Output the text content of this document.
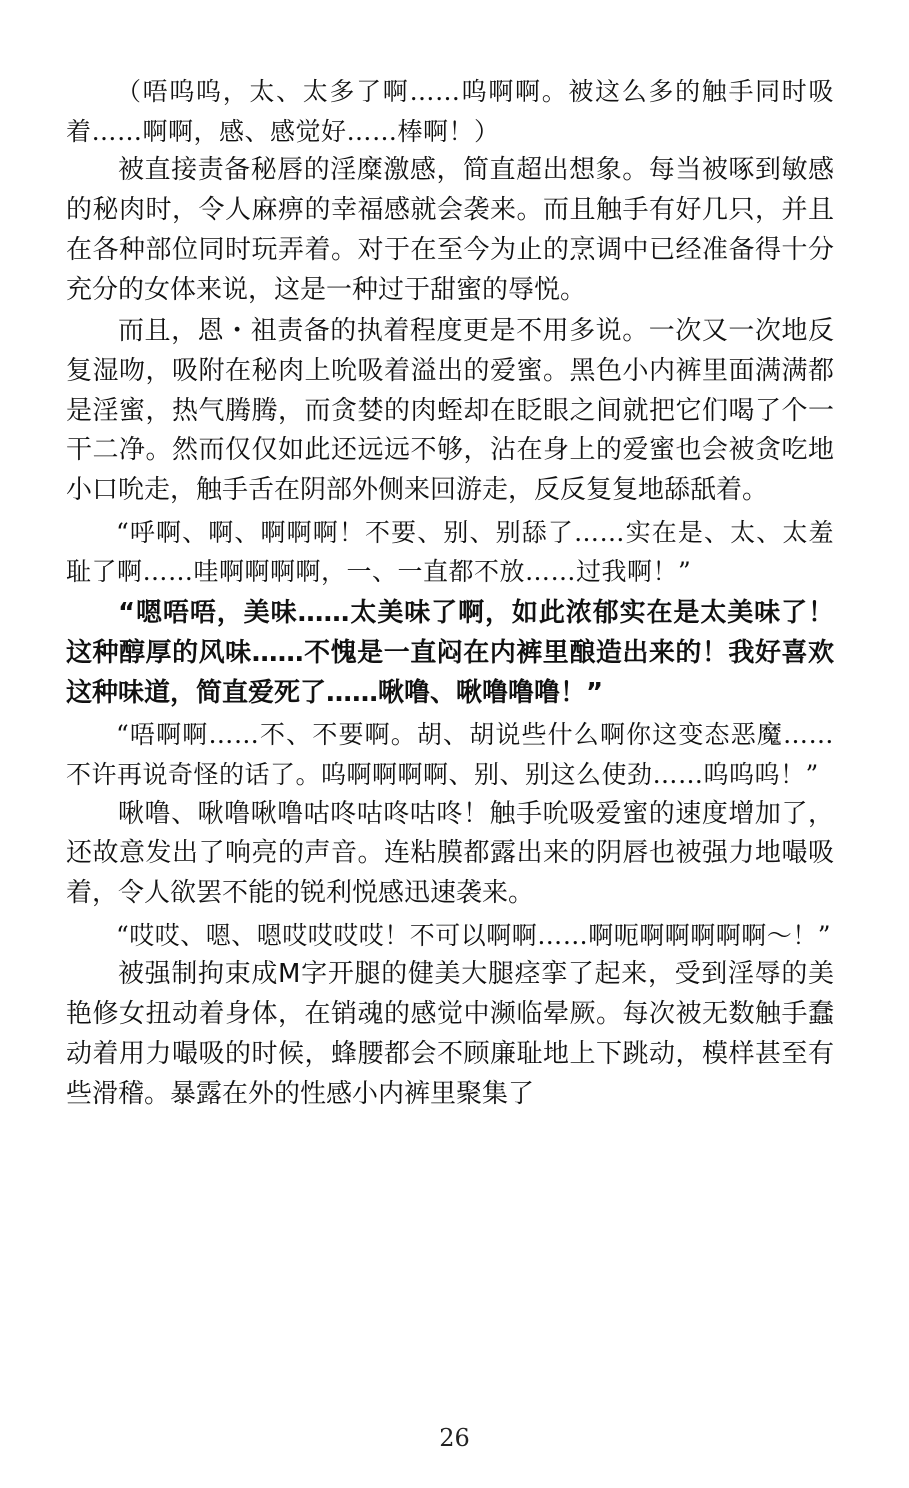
（唔呜呜，太、太多了啊……呜啊啊。被这么多的触手同时吸着……啊啊，感、感觉好……棒啊！）

被直接责备秘唇的淫糜激感，简直超出想象。每当被啄到敏感的秘肉时，令人麻痹的幸福感就会袭来。而且触手有好几只，并且在各种部位同时玩弄着。对于在至今为止的烹调中已经准备得十分充分的女体来说，这是一种过于甜蜜的辱悦。

而且，恩・祖责备的执着程度更是不用多说。一次又一次地反复湿吻，吸附在秘肉上吮吸着溢出的爱蜜。黑色小内裤里面满满都是淫蜜，热气腾腾，而贪婪的肉蛭却在眨眼之间就把它们喝了个一干二净。然而仅仅如此还远远不够，沾在身上的爱蜜也会被贪吃地小口吮走，触手舌在阴部外侧来回游走，反反复复地舔舐着。

“呼啊、啊、啊啊啊！不要、别、别舔了……实在是、太、太羞耻了啊……哇啊啊啊啊，一、一直都不放……过我啊！”

“嗯唔唔，美味……太美味了啊，如此浓郁实在是太美味了！这种醇厚的风味……不愧是一直闷在内裤里酿造出来的！我好喜欢这种味道，简直爱死了……啾噜、啾噜噜噜！”

“唔啊啊……不、不要啊。胡、胡说些什么啊你这变态恶魔……不许再说奇怪的话了。呜啊啊啊啊、别、别这么使劲……呜呜呜！”

啾噜、啾噜啾噜咕咚咕咚咕咚！触手吮吸爱蜜的速度增加了，还故意发出了响亮的声音。连粘膜都露出来的阴唇也被强力地嘬吸着，令人欲罢不能的锐利悦感迅速袭来。

“哎哎、嗯、嗯哎哎哎哎！不可以啊啊……啊呃啊啊啊啊啊～！”

被强制拘束成M字开腿的健美大腿痉挛了起来，受到淫辱的美艳修女扭动着身体，在销魂的感觉中濒临晕厥。每次被无数触手蠢动着用力嘬吸的时候，蜂腰都会不顾廉耻地上下跳动，模样甚至有些滑稽。暴露在外的性感小内裤里聚集了

26
